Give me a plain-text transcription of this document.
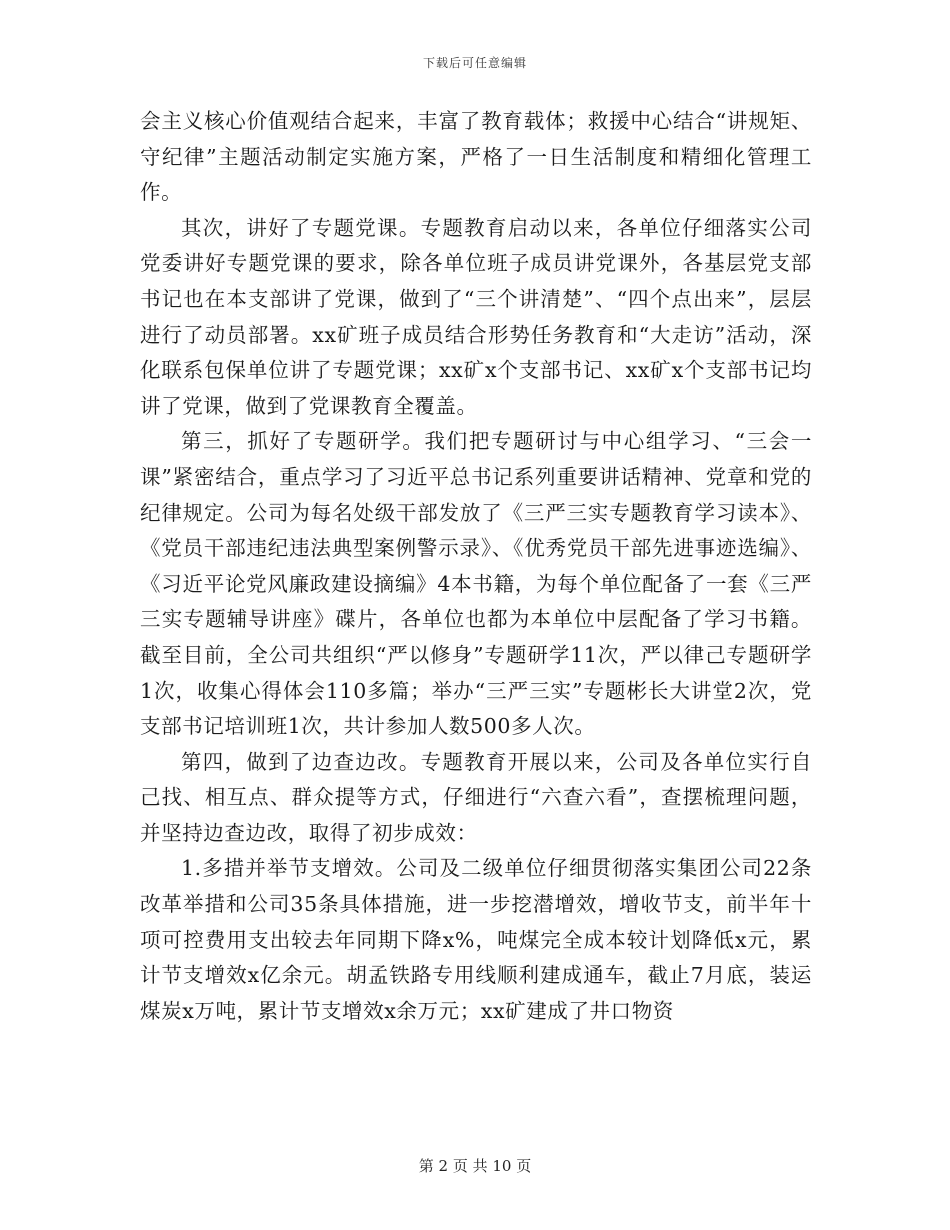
下载后可任意编辑

会主义核心价值观结合起来，丰富了教育载体；救援中心结合“讲规矩、守纪律”主题活动制定实施方案，严格了一日生活制度和精细化管理工作。

其次，讲好了专题党课。专题教育启动以来，各单位仔细落实公司党委讲好专题党课的要求，除各单位班子成员讲党课外，各基层党支部书记也在本支部讲了党课，做到了“三个讲清楚”、“四个点出来”，层层进行了动员部署。xx矿班子成员结合形势任务教育和“大走访”活动，深化联系包保单位讲了专题党课；xx矿x个支部书记、xx矿x个支部书记均讲了党课，做到了党课教育全覆盖。

第三，抓好了专题研学。我们把专题研讨与中心组学习、“三会一课”紧密结合，重点学习了习近平总书记系列重要讲话精神、党章和党的纪律规定。公司为每名处级干部发放了《三严三实专题教育学习读本》、《党员干部违纪违法典型案例警示录》、《优秀党员干部先进事迹选编》、《习近平论党风廉政建设摘编》4本书籍，为每个单位配备了一套《三严三实专题辅导讲座》碟片，各单位也都为本单位中层配备了学习书籍。截至目前，全公司共组织“严以修身”专题研学11次，严以律己专题研学1次，收集心得体会110多篇；举办“三严三实”专题彬长大讲堂2次，党支部书记培训班1次，共计参加人数500多人次。

第四，做到了边查边改。专题教育开展以来，公司及各单位实行自己找、相互点、群众提等方式，仔细进行“六查六看”，查摆梳理问题，并坚持边查边改，取得了初步成效：

1.多措并举节支增效。公司及二级单位仔细贯彻落实集团公司22条改革举措和公司35条具体措施，进一步挖潜增效，增收节支，前半年十项可控费用支出较去年同期下降x%，吨煤完全成本较计划降低x元，累计节支增效x亿余元。胡孟铁路专用线顺利建成通车，截止7月底，装运煤炭x万吨，累计节支增效x余万元；xx矿建成了井口物资

第 2 页 共 10 页
